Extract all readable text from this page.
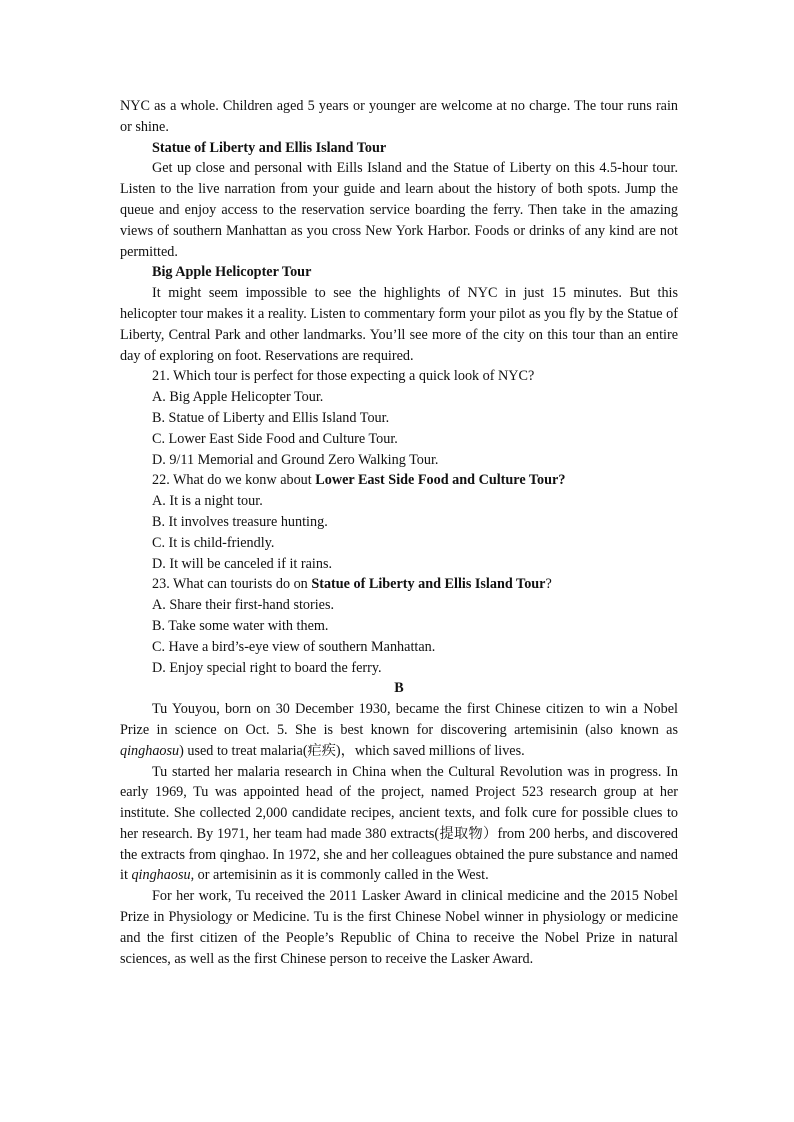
NYC as a whole. Children aged 5 years or younger are welcome at no charge. The tour runs rain or shine.

Statue of Liberty and Ellis Island Tour

Get up close and personal with Eills Island and the Statue of Liberty on this 4.5-hour tour. Listen to the live narration from your guide and learn about the history of both spots. Jump the queue and enjoy access to the reservation service boarding the ferry. Then take in the amazing views of southern Manhattan as you cross New York Harbor. Foods or drinks of any kind are not permitted.

Big Apple Helicopter Tour

It might seem impossible to see the highlights of NYC in just 15 minutes. But this helicopter tour makes it a reality. Listen to commentary form your pilot as you fly by the Statue of Liberty, Central Park and other landmarks. You’ll see more of the city on this tour than an entire day of exploring on foot. Reservations are required.

21. Which tour is perfect for those expecting a quick look of NYC?

A. Big Apple Helicopter Tour.

B. Statue of Liberty and Ellis Island Tour.

C. Lower East Side Food and Culture Tour.

D. 9/11 Memorial and Ground Zero Walking Tour.

22. What do we konw about Lower East Side Food and Culture Tour?

A. It is a night tour.

B. It involves treasure hunting.

C. It is child-friendly.

D. It will be canceled if it rains.

23. What can tourists do on Statue of Liberty and Ellis Island Tour?

A. Share their first-hand stories.

B. Take some water with them.

C. Have a bird’s-eye view of southern Manhattan.

D. Enjoy special right to board the ferry.

B

Tu Youyou, born on 30 December 1930, became the first Chinese citizen to win a Nobel Prize in science on Oct. 5. She is best known for discovering artemisinin (also known as qinghaosu) used to treat malaria(疟疾)，which saved millions of lives.

Tu started her malaria research in China when the Cultural Revolution was in progress. In early 1969, Tu was appointed head of the project, named Project 523 research group at her institute. She collected 2,000 candidate recipes, ancient texts, and folk cure for possible clues to her research. By 1971, her team had made 380 extracts(提取物）from 200 herbs, and discovered the extracts from qinghao. In 1972, she and her colleagues obtained the pure substance and named it qinghaosu, or artemisinin as it is commonly called in the West.

For her work, Tu received the 2011 Lasker Award in clinical medicine and the 2015 Nobel Prize in Physiology or Medicine. Tu is the first Chinese Nobel winner in physiology or medicine and the first citizen of the People’s Republic of China to receive the Nobel Prize in natural sciences, as well as the first Chinese person to receive the Lasker Award.
